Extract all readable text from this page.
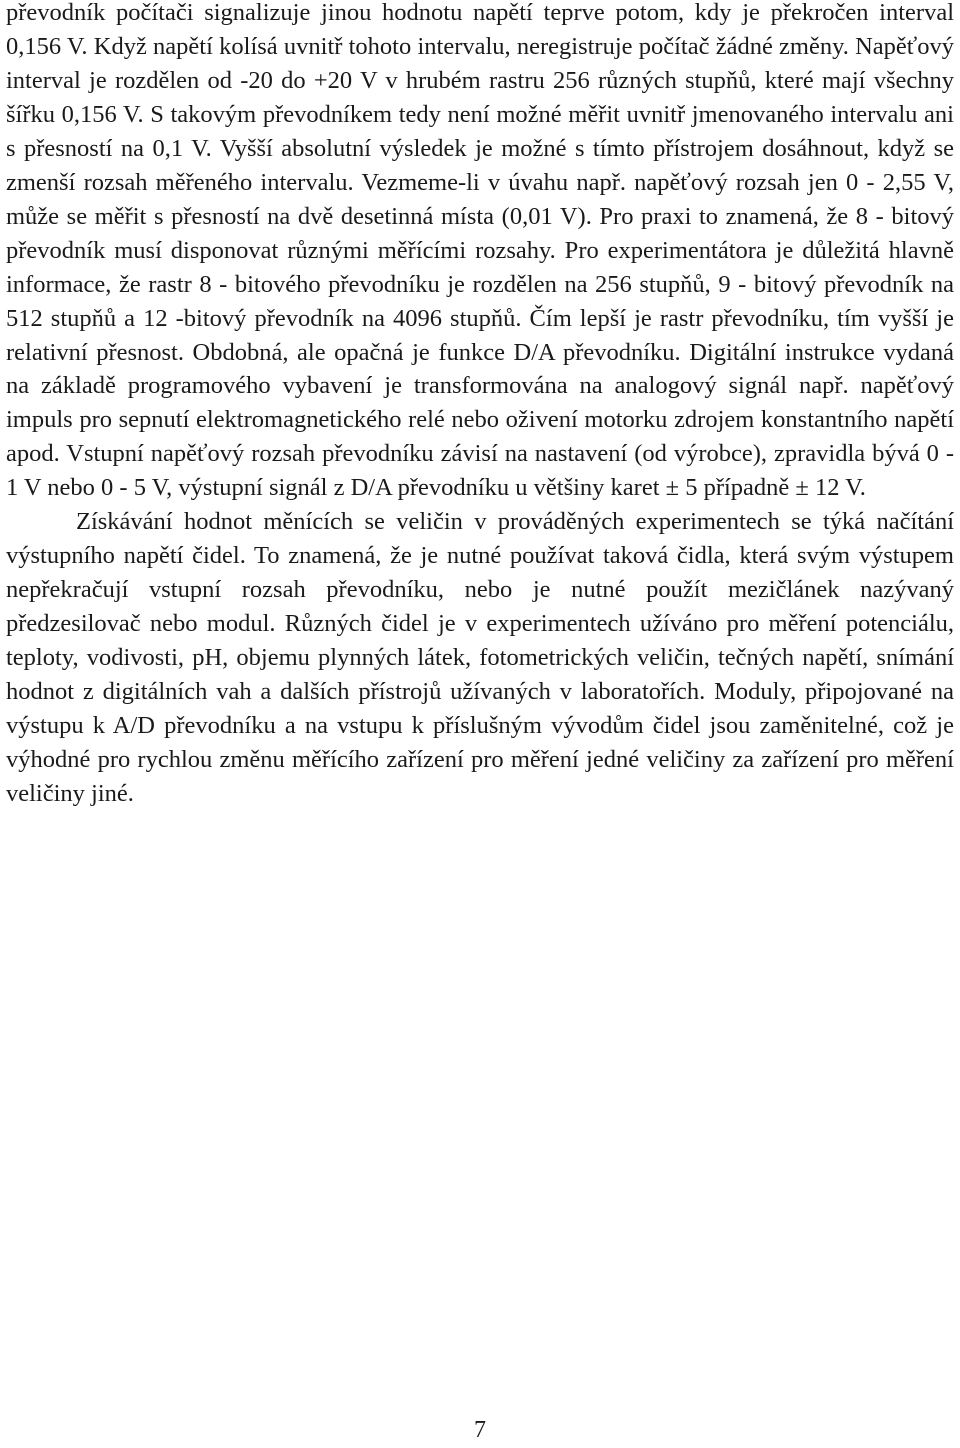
převodník počítači signalizuje jinou hodnotu napětí teprve potom, kdy je překročen interval 0,156 V. Když napětí kolísá uvnitř tohoto intervalu, neregistruje počítač žádné změny. Napěťový interval je rozdělen od -20 do +20 V v hrubém rastru 256 různých stupňů, které mají všechny šířku 0,156 V. S takovým převodníkem tedy není možné měřit uvnitř jmenovaného intervalu ani s přesností na 0,1 V. Vyšší absolutní výsledek je možné s tímto přístrojem dosáhnout, když se zmenší rozsah měřeného intervalu. Vezmeme-li v úvahu např. napěťový rozsah jen 0 - 2,55 V, může se měřit s přesností na dvě desetinná místa (0,01 V). Pro praxi to znamená, že 8 - bitový převodník musí disponovat různými měřícími rozsahy. Pro experimentátora je důležitá hlavně informace, že rastr 8 - bitového převodníku je rozdělen na 256 stupňů, 9 - bitový převodník na 512 stupňů a 12 -bitový převodník na 4096 stupňů. Čím lepší je rastr převodníku, tím vyšší je relativní přesnost. Obdobná, ale opačná je funkce D/A převodníku. Digitální instrukce vydaná na základě programového vybavení je transformována na analogový signál např. napěťový impuls pro sepnutí elektromagnetického relé nebo oživení motorku zdrojem konstantního napětí apod. Vstupní napěťový rozsah převodníku závisí na nastavení (od výrobce), zpravidla bývá 0 - 1 V nebo 0 - 5 V, výstupní signál z D/A převodníku u většiny karet ± 5 případně ± 12 V.

Získávání hodnot měnících se veličin v prováděných experimentech se týká načítání výstupního napětí čidel. To znamená, že je nutné používat taková čidla, která svým výstupem nepřekračují vstupní rozsah převodníku, nebo je nutné použít mezičlánek nazývaný předzesilovač nebo modul. Různých čidel je v experimentech užíváno pro měření potenciálu, teploty, vodivosti, pH, objemu plynných látek, fotometrických veličin, tečných napětí, snímání hodnot z digitálních vah a dalších přístrojů užívaných v laboratořích. Moduly, připojované na výstupu k A/D převodníku a na vstupu k příslušným vývodům čidel jsou zaměnitelné, což je výhodné pro rychlou změnu měřícího zařízení pro měření jedné veličiny za zařízení pro měření veličiny jiné.

7
